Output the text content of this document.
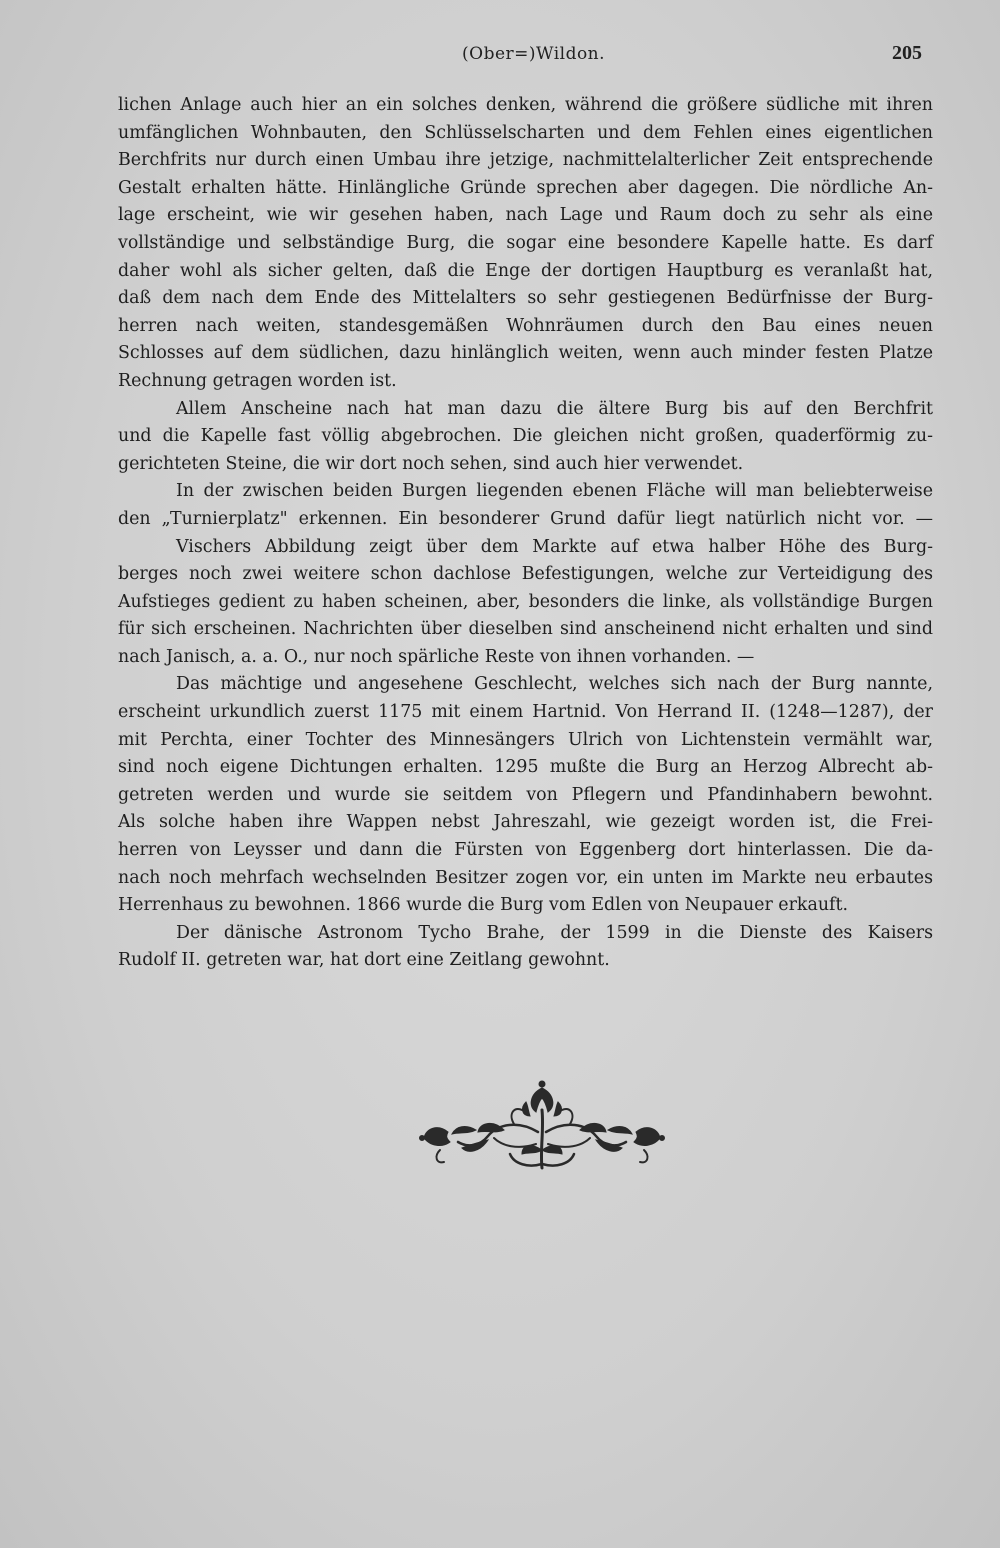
(Ober=)Wildon.	205
lichen Anlage auch hier an ein solches denken, während die größere südliche mit ihren
umfänglichen Wohnbauten, den Schlüsselscharten und dem Fehlen eines eigentlichen
Berchfrits nur durch einen Umbau ihre jetzige, nachmittelalterlicher Zeit entsprechende
Gestalt erhalten hätte. Hinlängliche Gründe sprechen aber dagegen. Die nördliche An-
lage erscheint, wie wir gesehen haben, nach Lage und Raum doch zu sehr als eine
vollständige und selbständige Burg, die sogar eine besondere Kapelle hatte. Es darf
daher wohl als sicher gelten, daß die Enge der dortigen Hauptburg es veranlaßt hat,
daß dem nach dem Ende des Mittelalters so sehr gestiegenen Bedürfnisse der Burg-
herren nach weiten, standesgemäßen Wohnräumen durch den Bau eines neuen
Schlosses auf dem südlichen, dazu hinlänglich weiten, wenn auch minder festen Platze
Rechnung getragen worden ist.
Allem Anscheine nach hat man dazu die ältere Burg bis auf den Berchfrit
und die Kapelle fast völlig abgebrochen. Die gleichen nicht großen, quaderförmig zu-
gerichteten Steine, die wir dort noch sehen, sind auch hier verwendet.
In der zwischen beiden Burgen liegenden ebenen Fläche will man beliebterweise
den „Turnierplatz" erkennen. Ein besonderer Grund dafür liegt natürlich nicht vor. —
Vischers Abbildung zeigt über dem Markte auf etwa halber Höhe des Burg-
berges noch zwei weitere schon dachlose Befestigungen, welche zur Verteidigung des
Aufstieges gedient zu haben scheinen, aber, besonders die linke, als vollständige Burgen
für sich erscheinen. Nachrichten über dieselben sind anscheinend nicht erhalten und sind
nach Janisch, a. a. O., nur noch spärliche Reste von ihnen vorhanden. —
Das mächtige und angesehene Geschlecht, welches sich nach der Burg nannte,
erscheint urkundlich zuerst 1175 mit einem Hartnid. Von Herrand II. (1248—1287), der
mit Perchta, einer Tochter des Minnesängers Ulrich von Lichtenstein vermählt war,
sind noch eigene Dichtungen erhalten. 1295 mußte die Burg an Herzog Albrecht ab-
getreten werden und wurde sie seitdem von Pflegern und Pfandinhabern bewohnt.
Als solche haben ihre Wappen nebst Jahreszahl, wie gezeigt worden ist, die Frei-
herren von Leysser und dann die Fürsten von Eggenberg dort hinterlassen. Die da-
nach noch mehrfach wechselnden Besitzer zogen vor, ein unten im Markte neu erbautes
Herrenhaus zu bewohnen. 1866 wurde die Burg vom Edlen von Neupauer erkauft.
Der dänische Astronom Tycho Brahe, der 1599 in die Dienste des Kaisers
Rudolf II. getreten war, hat dort eine Zeitlang gewohnt.
